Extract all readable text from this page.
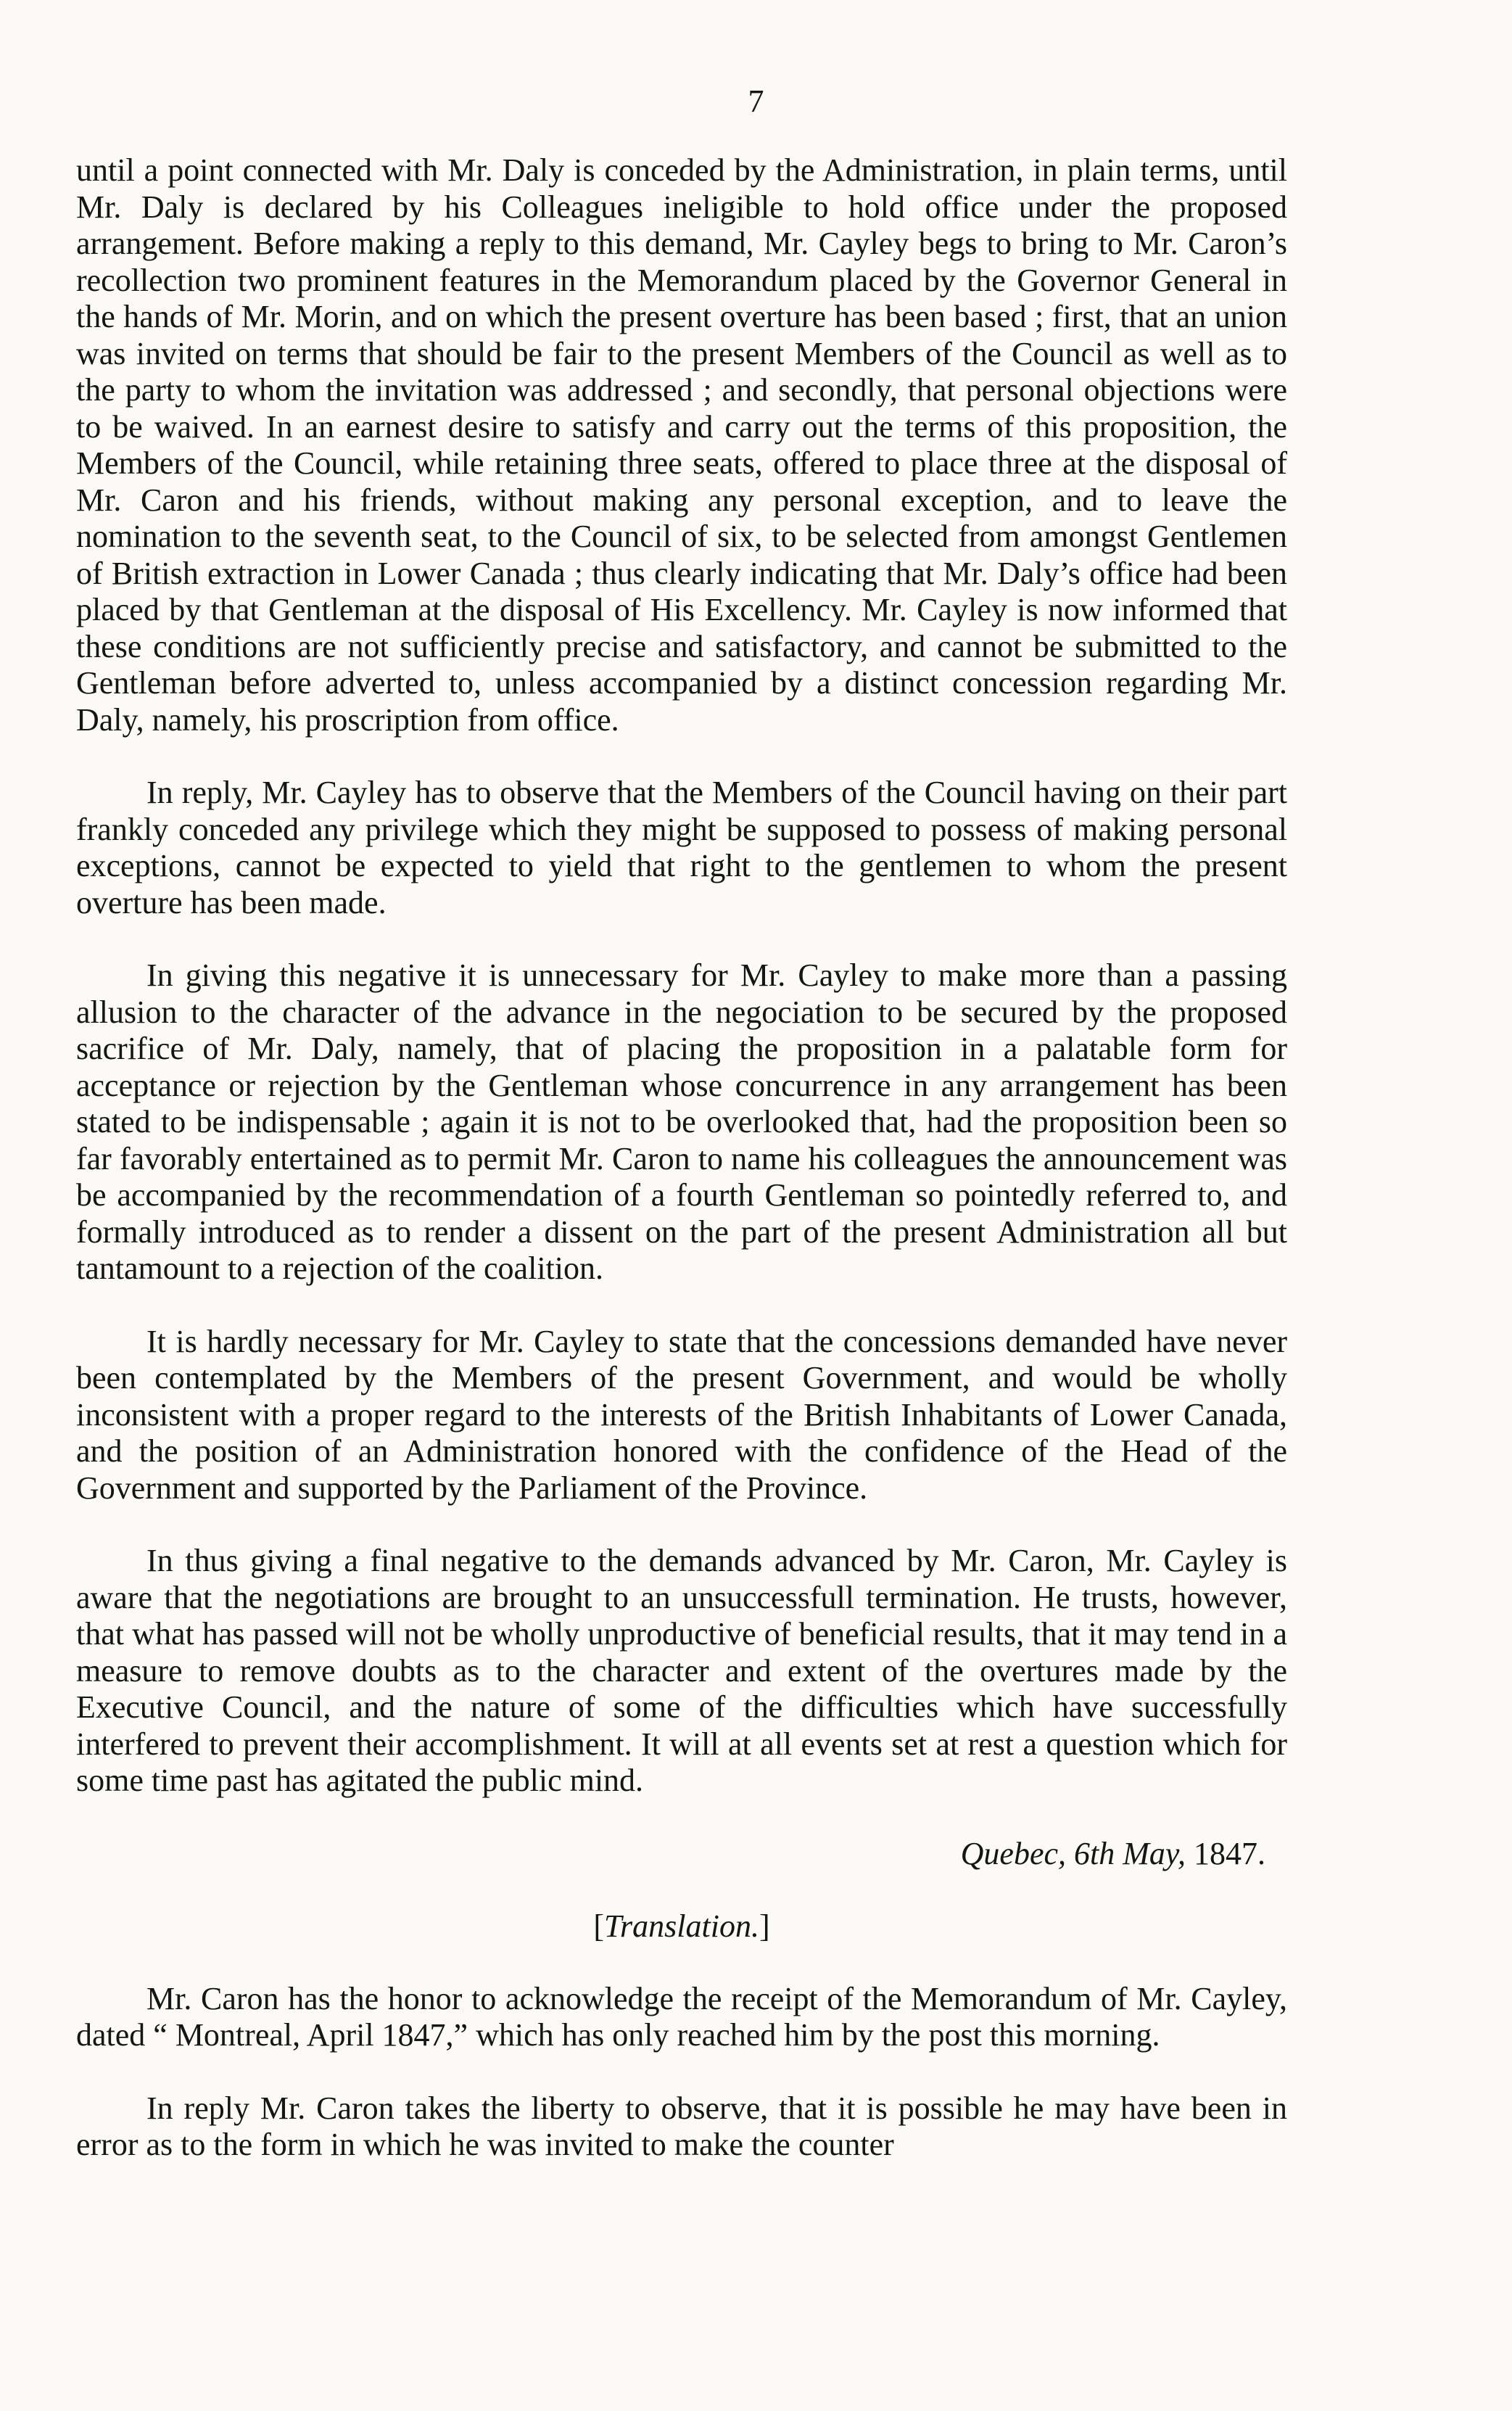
7

until a point connected with Mr. Daly is conceded by the Administration, in plain terms, until Mr. Daly is declared by his Colleagues ineligible to hold office under the proposed arrangement. Before making a reply to this demand, Mr. Cayley begs to bring to Mr. Caron’s recollection two prominent features in the Memorandum placed by the Governor General in the hands of Mr. Morin, and on which the present overture has been based ; first, that an union was invited on terms that should be fair to the present Members of the Council as well as to the party to whom the invitation was addressed ; and secondly, that personal objections were to be waived. In an earnest desire to satisfy and carry out the terms of this proposition, the Members of the Council, while retaining three seats, offered to place three at the disposal of Mr. Caron and his friends, without making any personal exception, and to leave the nomination to the seventh seat, to the Council of six, to be selected from amongst Gentlemen of British extraction in Lower Canada ; thus clearly indicating that Mr. Daly’s office had been placed by that Gentleman at the disposal of His Excellency. Mr. Cayley is now informed that these conditions are not sufficiently precise and satisfactory, and cannot be submitted to the Gentleman before adverted to, unless accompanied by a distinct concession regarding Mr. Daly, namely, his proscription from office.

In reply, Mr. Cayley has to observe that the Members of the Council having on their part frankly conceded any privilege which they might be supposed to possess of making personal exceptions, cannot be expected to yield that right to the gentlemen to whom the present overture has been made.

In giving this negative it is unnecessary for Mr. Cayley to make more than a passing allusion to the character of the advance in the negociation to be secured by the proposed sacrifice of Mr. Daly, namely, that of placing the proposition in a palatable form for acceptance or rejection by the Gentleman whose concurrence in any arrangement has been stated to be indispensable ; again it is not to be overlooked that, had the proposition been so far favorably entertained as to permit Mr. Caron to name his colleagues the announcement was be accompanied by the recommendation of a fourth Gentleman so pointedly referred to, and formally introduced as to render a dissent on the part of the present Administration all but tantamount to a rejection of the coalition.

It is hardly necessary for Mr. Cayley to state that the concessions demanded have never been contemplated by the Members of the present Government, and would be wholly inconsistent with a proper regard to the interests of the British Inhabitants of Lower Canada, and the position of an Administration honored with the confidence of the Head of the Government and supported by the Parliament of the Province.

In thus giving a final negative to the demands advanced by Mr. Caron, Mr. Cayley is aware that the negotiations are brought to an unsuccessfull termination. He trusts, however, that what has passed will not be wholly unproductive of beneficial results, that it may tend in a measure to remove doubts as to the character and extent of the overtures made by the Executive Council, and the nature of some of the difficulties which have successfully interfered to prevent their accomplishment. It will at all events set at rest a question which for some time past has agitated the public mind.

Quebec, 6th May, 1847.
[Translation.]

Mr. Caron has the honor to acknowledge the receipt of the Memorandum of Mr. Cayley, dated “ Montreal, April 1847,” which has only reached him by the post this morning.

In reply Mr. Caron takes the liberty to observe, that it is possible he may have been in error as to the form in which he was invited to make the counter
